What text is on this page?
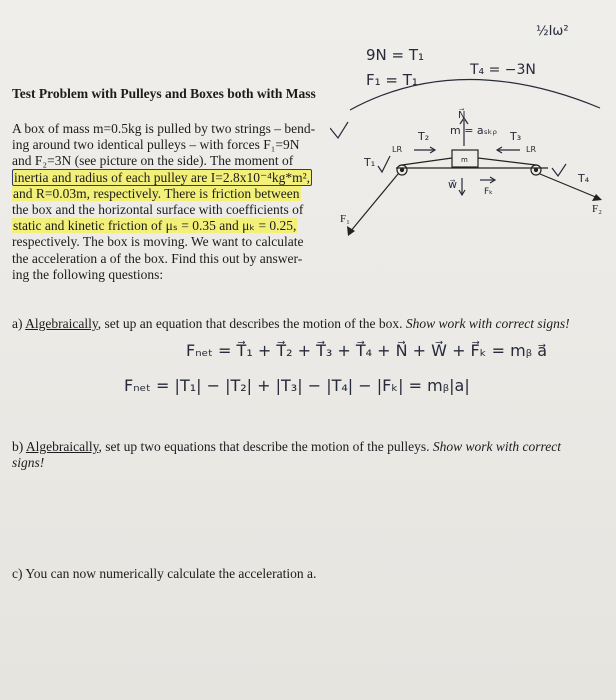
Test Problem with Pulleys and Boxes both with Mass
A box of mass m=0.5kg is pulled by two strings – bend-
ing around two identical pulleys – with forces F₁=9N
and F₂=3N (see picture on the side). The moment of
inertia and radius of each pulley are I=2.8x10⁻⁴kg*m²,
and R=0.03m, respectively. There is friction between
the box and the horizontal surface with coefficients of
static and kinetic friction of μₛ = 0.35 and μₖ = 0.25,
respectively. The box is moving. We want to calculate
the acceleration a of the box. Find this out by answer-
ing the following questions:
a) Algebraically, set up an equation that describes the motion of the box. Show work with correct signs!
b) Algebraically, set up two equations that describe the motion of the pulleys. Show work with correct signs!
c) You can now numerically calculate the acceleration a.
9N = T₁
F₁ = T₁
T₄ = −3N
½Iω²
m = aₛₖᵨ
Fₙₑₜ = T⃗₁ + T⃗₂ + T⃗₃ + T⃗₄ + N⃗ + W⃗ + F⃗ₖ = mᵦ a⃗
Fₙₑₜ = |T₁| − |T₂| + |T₃| − |T₄| − |Fₖ| = mᵦ|a|
N⃗
T₂	T₃
T₁
T₄
LR	LR
w⃗
Fₖ
m
F₁
F₂
